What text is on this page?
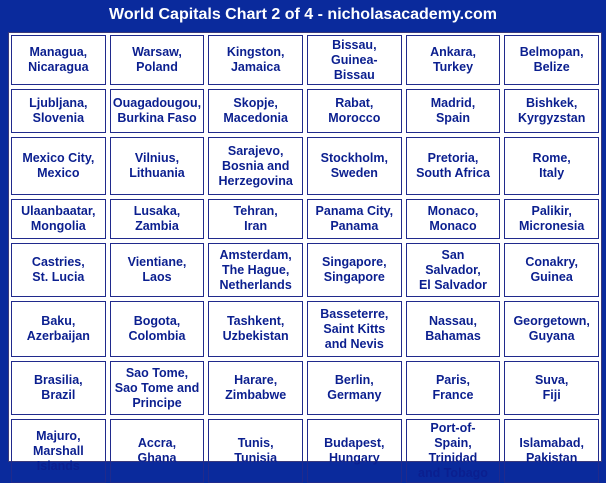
World Capitals Chart 2 of 4 - nicholasacademy.com
Managua,
Nicaragua
Warsaw,
Poland
Kingston,
Jamaica
Bissau,
Guinea-
Bissau
Ankara,
Turkey
Belmopan,
Belize
Ljubljana,
Slovenia
Ouagadougou,
Burkina Faso
Skopje,
Macedonia
Rabat,
Morocco
Madrid,
Spain
Bishkek,
Kyrgyzstan
Mexico City,
Mexico
Vilnius,
Lithuania
Sarajevo,
Bosnia and
Herzegovina
Stockholm,
Sweden
Pretoria,
South Africa
Rome,
Italy
Ulaanbaatar,
Mongolia
Lusaka,
Zambia
Tehran,
Iran
Panama City,
Panama
Monaco,
Monaco
Palikir,
Micronesia
Castries,
St. Lucia
Vientiane,
Laos
Amsterdam,
The Hague,
Netherlands
Singapore,
Singapore
San
Salvador,
El Salvador
Conakry,
Guinea
Baku,
Azerbaijan
Bogota,
Colombia
Tashkent,
Uzbekistan
Basseterre,
Saint Kitts
and Nevis
Nassau,
Bahamas
Georgetown,
Guyana
Brasilia,
Brazil
Sao Tome,
Sao Tome and
Principe
Harare,
Zimbabwe
Berlin,
Germany
Paris,
France
Suva,
Fiji
Majuro,
Marshall
Islands
Accra,
Ghana
Tunis,
Tunisia
Budapest,
Hungary
Port-of-
Spain,
Trinidad
and Tobago
Islamabad,
Pakistan
